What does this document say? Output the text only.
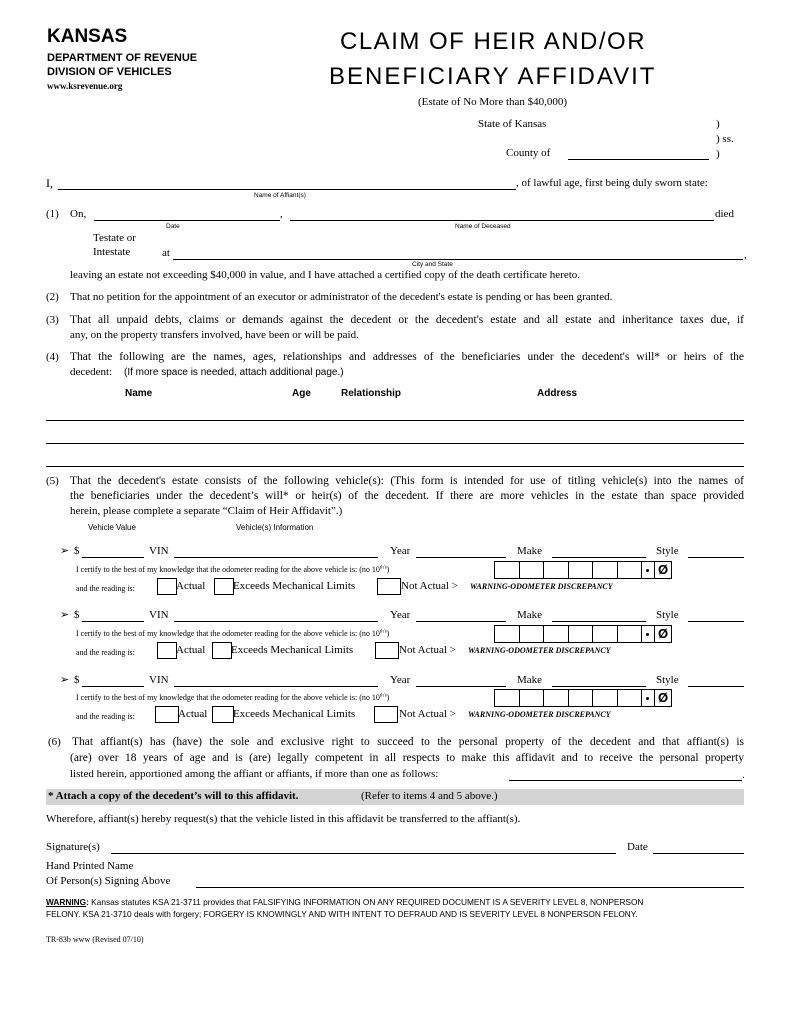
KANSAS
DEPARTMENT OF REVENUE
DIVISION OF VEHICLES
www.ksrevenue.org
CLAIM OF HEIR AND/OR
BENEFICIARY AFFIDAVIT
(Estate of No More than $40,000)
State of Kansas	)
) ss.
County of	)
I,	, of lawful age, first being duly sworn state:
Name of Affiant(s)
(1) On,	,	died
Date	Name of Deceased
Testate or
Intestate	at	,
City and State
leaving an estate not exceeding $40,000 in value, and I have attached a certified copy of the death certificate hereto.
(2) That no petition for the appointment of an executor or administrator of the decedent's estate is pending or has been granted.
(3) That all unpaid debts, claims or demands against the decedent or the decedent's estate and all estate and inheritance taxes due, if
any, on the property transfers involved, have been or will be paid.
(4) That the following are the names, ages, relationships and addresses of the beneficiaries under the decedent's will* or heirs of the
decedent: (If more space is needed, attach additional page.)
Name	Age	Relationship	Address
(5) That the decedent's estate consists of the following vehicle(s): (This form is intended for use of titling vehicle(s) into the names of
the beneficiaries under the decedent’s will* or heir(s) of the decedent. If there are more vehicles in the estate than space provided
herein, please complete a separate “Claim of Heir Affidavit”.)
Vehicle Value	Vehicle(s) Information
➢ $	VIN	Year	Make	Style
I certify to the best of my knowledge that the odometer reading for the above vehicle is: (no $10^{th's}$)	Ø
and the reading is:	Actual	Exceeds Mechanical Limits	Not Actual > WARNING-ODOMETER DISCREPANCY
➢ $	VIN	Year	Make	Style
I certify to the best of my knowledge that the odometer reading for the above vehicle is: (no $10^{th's}$)	Ø
and the reading is:	Actual Exceeds Mechanical Limits	Not Actual > WARNING-ODOMETER DISCREPANCY
➢ $	VIN	Year	Make	Style
I certify to the best of my knowledge that the odometer reading for the above vehicle is: (no $10^{th's}$)	Ø
and the reading is:	Actual Exceeds Mechanical Limits	Not Actual > WARNING-ODOMETER DISCREPANCY
(6) That affiant(s) has (have) the sole and exclusive right to succeed to the personal property of the decedent and that affiant(s) is
(are) over 18 years of age and is (are) legally competent in all respects to make this affidavit and to receive the personal property
listed herein, apportioned among the affiant or affiants, if more than one as follows:	.
* Attach a copy of the decedent’s will to this affidavit.	(Refer to items 4 and 5 above.)
Wherefore, affiant(s) hereby request(s) that the vehicle listed in this affidavit be transferred to the affiant(s).
Signature(s)	Date
Hand Printed Name
Of Person(s) Signing Above
WARNING: Kansas statutes KSA 21-3711 provides that FALSIFYING INFORMATION ON ANY REQUIRED DOCUMENT IS A SEVERITY LEVEL 8, NONPERSON
FELONY. KSA 21-3710 deals with forgery; FORGERY IS KNOWINGLY AND WITH INTENT TO DEFRAUD AND IS SEVERITY LEVEL 8 NONPERSON FELONY.
TR-83b www (Revised 07/10)
